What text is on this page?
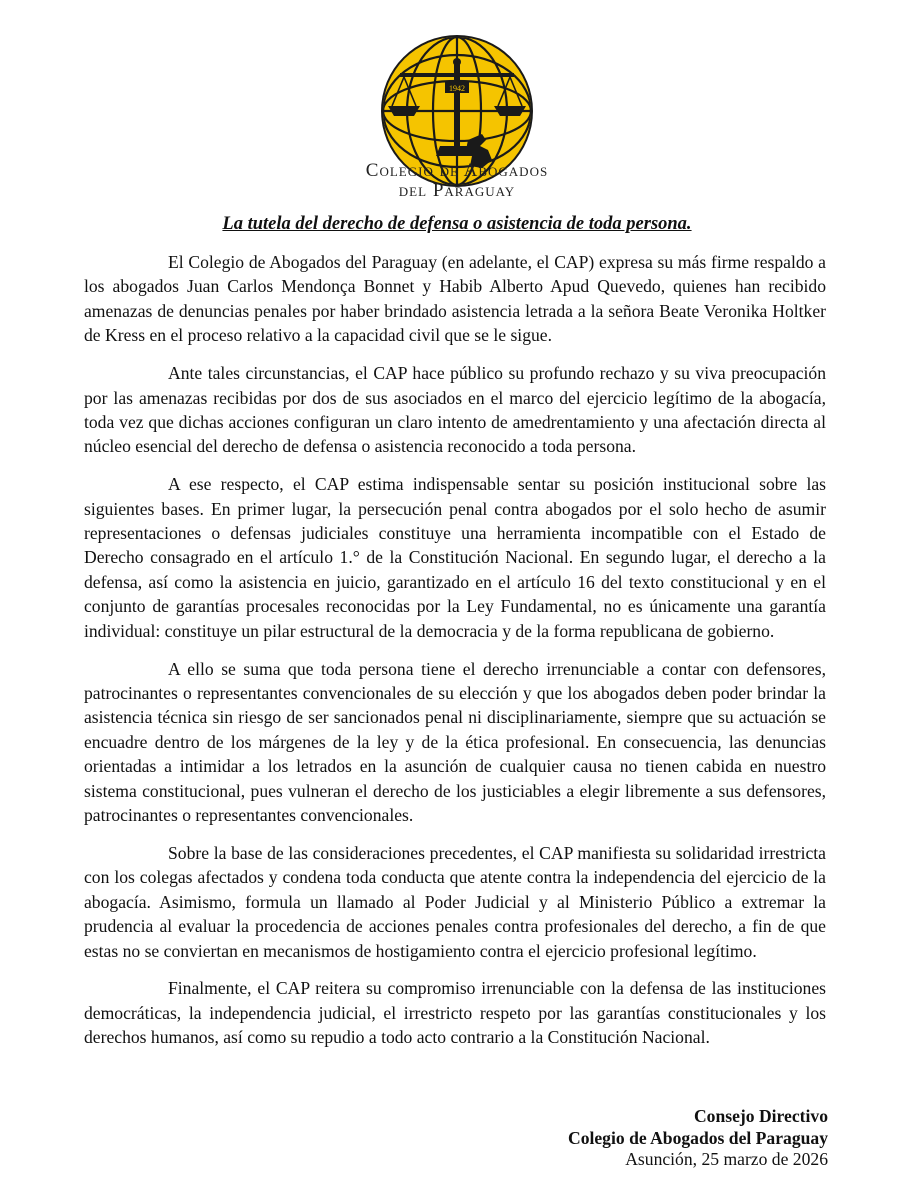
1942
Colegio de Abogados
del Paraguay
La tutela del derecho de defensa o asistencia de toda persona.

El Colegio de Abogados del Paraguay (en adelante, el CAP) expresa su más firme respaldo a los abogados Juan Carlos Mendonça Bonnet y Habib Alberto Apud Quevedo, quienes han recibido amenazas de denuncias penales por haber brindado asistencia letrada a la señora Beate Veronika Holtker de Kress en el proceso relativo a la capacidad civil que se le sigue.

Ante tales circunstancias, el CAP hace público su profundo rechazo y su viva preocupación por las amenazas recibidas por dos de sus asociados en el marco del ejercicio legítimo de la abogacía, toda vez que dichas acciones configuran un claro intento de amedrentamiento y una afectación directa al núcleo esencial del derecho de defensa o asistencia reconocido a toda persona.

A ese respecto, el CAP estima indispensable sentar su posición institucional sobre las siguientes bases. En primer lugar, la persecución penal contra abogados por el solo hecho de asumir representaciones o defensas judiciales constituye una herramienta incompatible con el Estado de Derecho consagrado en el artículo 1.° de la Constitución Nacional. En segundo lugar, el derecho a la defensa, así como la asistencia en juicio, garantizado en el artículo 16 del texto constitucional y en el conjunto de garantías procesales reconocidas por la Ley Fundamental, no es únicamente una garantía individual: constituye un pilar estructural de la democracia y de la forma republicana de gobierno.

A ello se suma que toda persona tiene el derecho irrenunciable a contar con defensores, patrocinantes o representantes convencionales de su elección y que los abogados deben poder brindar la asistencia técnica sin riesgo de ser sancionados penal ni disciplinariamente, siempre que su actuación se encuadre dentro de los márgenes de la ley y de la ética profesional. En consecuencia, las denuncias orientadas a intimidar a los letrados en la asunción de cualquier causa no tienen cabida en nuestro sistema constitucional, pues vulneran el derecho de los justiciables a elegir libremente a sus defensores, patrocinantes o representantes convencionales.

Sobre la base de las consideraciones precedentes, el CAP manifiesta su solidaridad irrestricta con los colegas afectados y condena toda conducta que atente contra la independencia del ejercicio de la abogacía. Asimismo, formula un llamado al Poder Judicial y al Ministerio Público a extremar la prudencia al evaluar la procedencia de acciones penales contra profesionales del derecho, a fin de que estas no se conviertan en mecanismos de hostigamiento contra el ejercicio profesional legítimo.

Finalmente, el CAP reitera su compromiso irrenunciable con la defensa de las instituciones democráticas, la independencia judicial, el irrestricto respeto por las garantías constitucionales y los derechos humanos, así como su repudio a todo acto contrario a la Constitución Nacional.

Consejo Directivo
Colegio de Abogados del Paraguay
Asunción, 25 marzo de 2026
